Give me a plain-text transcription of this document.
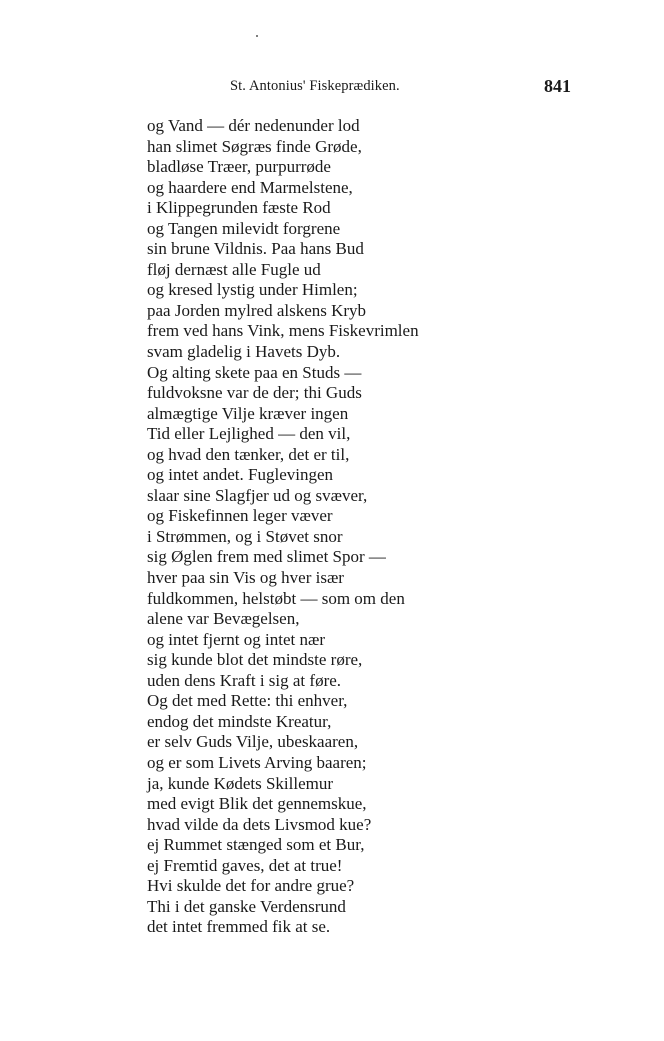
St. Antonius' Fiskeprædiken.	841
og Vand — dér nedenunder lod
han slimet Søgræs finde Grøde,
bladløse Træer, purpurrøde
og haardere end Marmelstene,
i Klippegrunden fæste Rod
og Tangen milevidt forgrene
sin brune Vildnis. Paa hans Bud
fløj dernæst alle Fugle ud
og kresed lystig under Himlen;
paa Jorden mylred alskens Kryb
frem ved hans Vink, mens Fiskevrimlen
svam gladelig i Havets Dyb.
Og alting skete paa en Studs —
fuldvoksne var de der; thi Guds
almægtige Vilje kræver ingen
Tid eller Lejlighed — den vil,
og hvad den tænker, det er til,
og intet andet. Fuglevingen
slaar sine Slagfjer ud og svæver,
og Fiskefinnen leger væver
i Strømmen, og i Støvet snor
sig Øglen frem med slimet Spor —
hver paa sin Vis og hver især
fuldkommen, helstøbt — som om den
alene var Bevægelsen,
og intet fjernt og intet nær
sig kunde blot det mindste røre,
uden dens Kraft i sig at føre.
Og det med Rette: thi enhver,
endog det mindste Kreatur,
er selv Guds Vilje, ubeskaaren,
og er som Livets Arving baaren;
ja, kunde Kødets Skillemur
med evigt Blik det gennemskue,
hvad vilde da dets Livsmod kue?
ej Rummet stænged som et Bur,
ej Fremtid gaves, det at true!
Hvi skulde det for andre grue?
Thi i det ganske Verdensrund
det intet fremmed fik at se.
